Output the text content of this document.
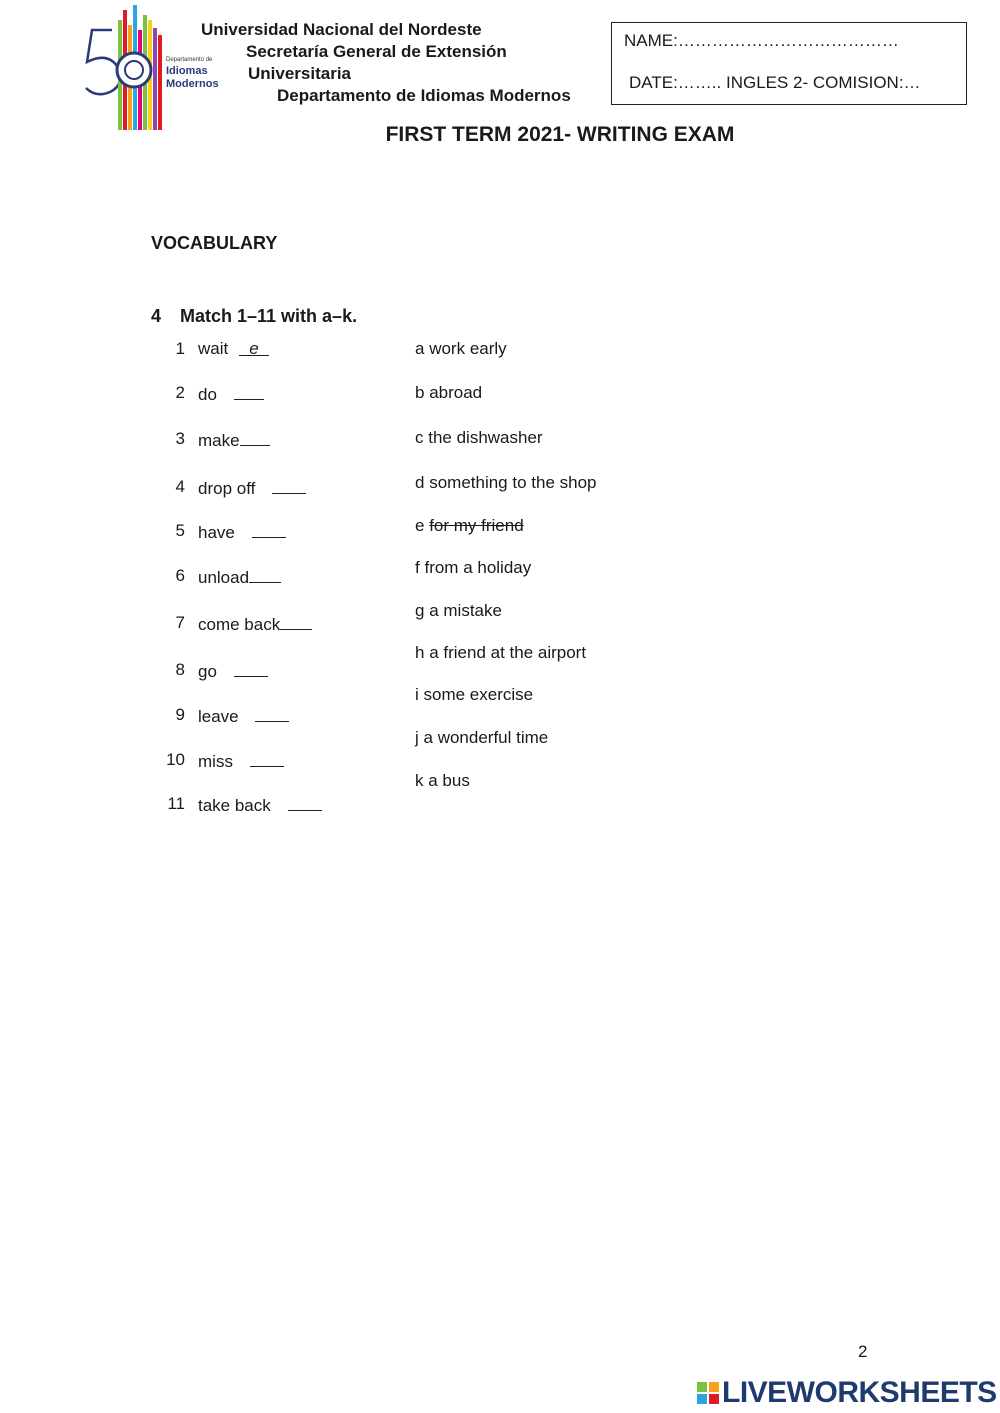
Departamento de
Idiomas
Modernos
Universidad Nacional del Nordeste
Secretaría General de Extensión
Universitaria
Departamento de Idiomas Modernos
NAME:…………………………………
DATE:…….. INGLES 2- COMISION:…
FIRST TERM 2021- WRITING EXAM
VOCABULARY
4 Match 1–11 with a–k.
1 wait e
2 do
3 make
4 drop off
5 have
6 unload
7 come back
8 go
9 leave
10 miss
11 take back
a work early
b abroad
c the dishwasher
d something to the shop
e for my friend
f from a holiday
g a mistake
h a friend at the airport
i some exercise
j a wonderful time
k a bus
2
LIVEWORKSHEETS
